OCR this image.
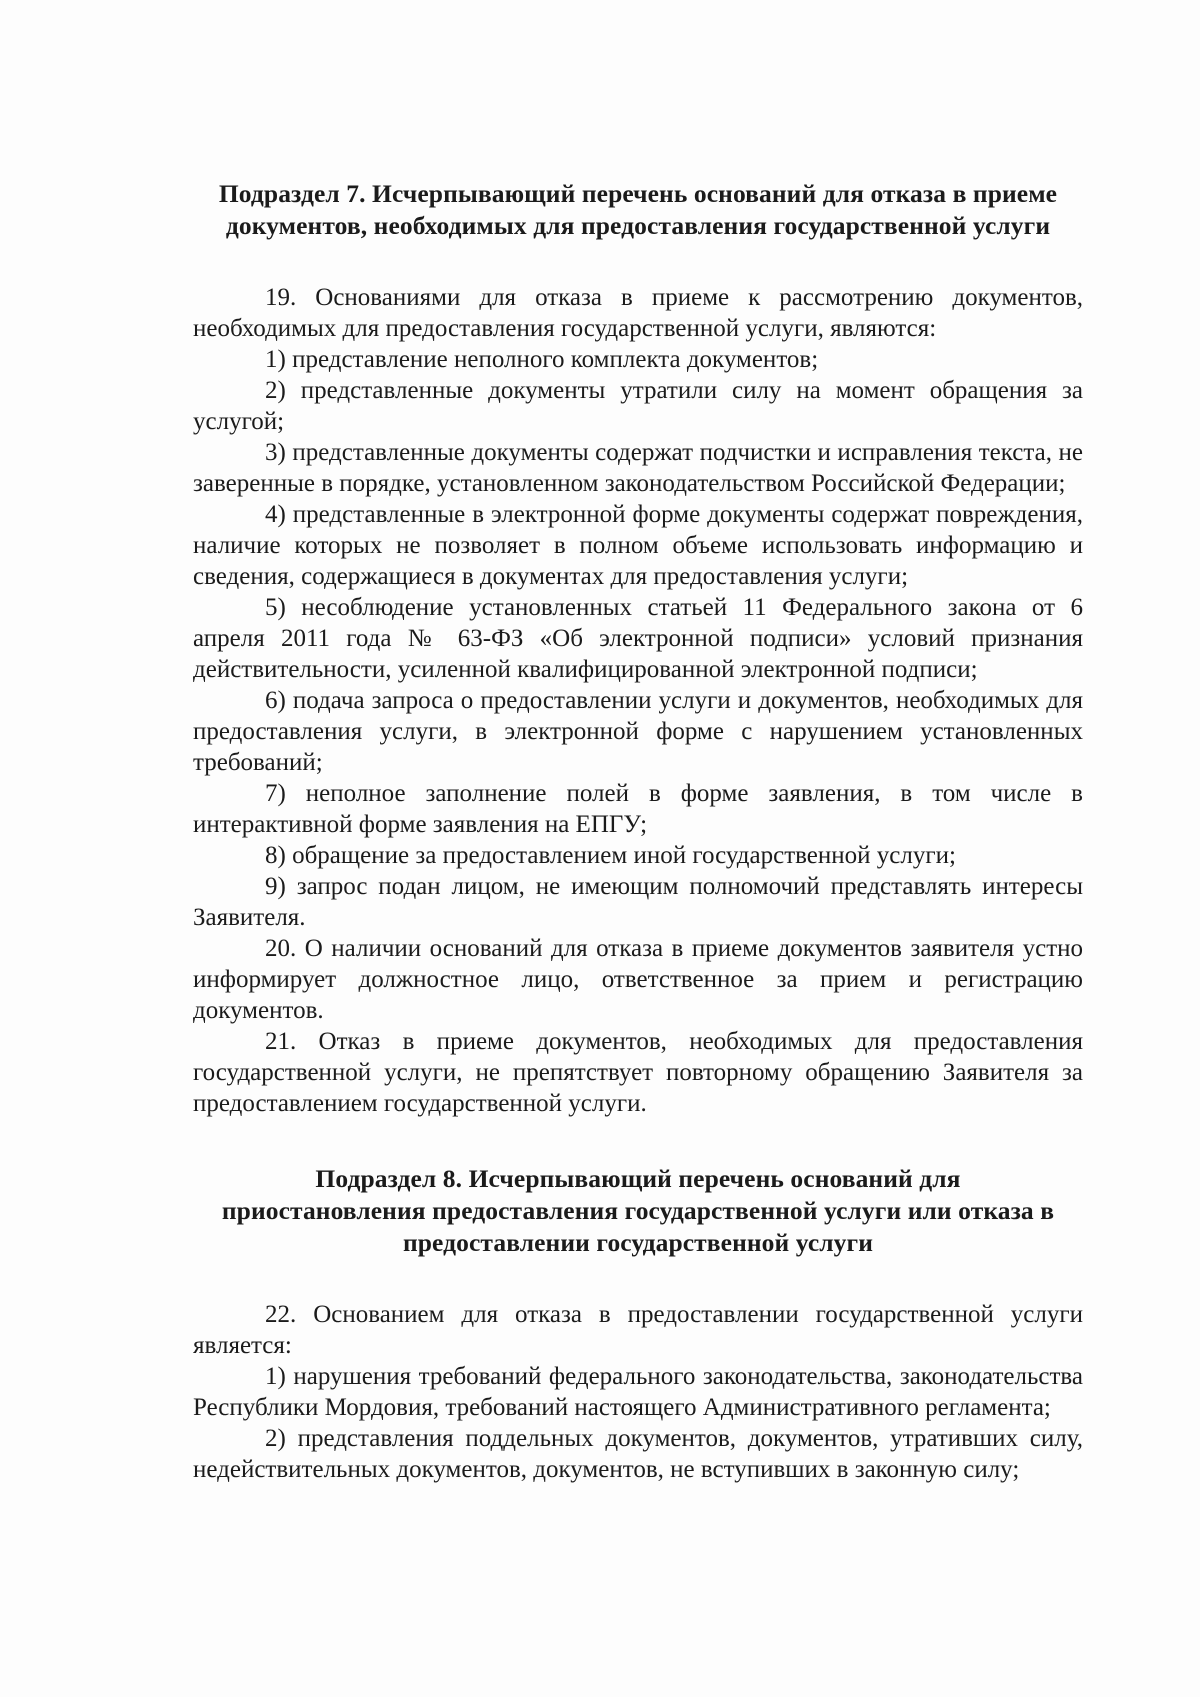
Подраздел 7. Исчерпывающий перечень оснований для отказа в приеме
документов, необходимых для предоставления государственной услуги

19. Основаниями для отказа в приеме к рассмотрению документов, необходимых для предоставления государственной услуги, являются:

1) представление неполного комплекта документов;

2) представленные документы утратили силу на момент обращения за услугой;

3) представленные документы содержат подчистки и исправления текста, не заверенные в порядке, установленном законодательством Российской Федерации;

4) представленные в электронной форме документы содержат повреждения, наличие которых не позволяет в полном объеме использовать информацию и сведения, содержащиеся в документах для предоставления услуги;

5) несоблюдение установленных статьей 11 Федерального закона от 6 апреля 2011 года № 63-ФЗ «Об электронной подписи» условий признания действительности, усиленной квалифицированной электронной подписи;

6) подача запроса о предоставлении услуги и документов, необходимых для предоставления услуги, в электронной форме с нарушением установленных требований;

7) неполное заполнение полей в форме заявления, в том числе в интерактивной форме заявления на ЕПГУ;

8) обращение за предоставлением иной государственной услуги;

9) запрос подан лицом, не имеющим полномочий представлять интересы Заявителя.

20. О наличии оснований для отказа в приеме документов заявителя устно информирует должностное лицо, ответственное за прием и регистрацию документов.

21. Отказ в приеме документов, необходимых для предоставления государственной услуги, не препятствует повторному обращению Заявителя за предоставлением государственной услуги.

Подраздел 8. Исчерпывающий перечень оснований для
приостановления предоставления государственной услуги или отказа в
предоставлении государственной услуги

22. Основанием для отказа в предоставлении государственной услуги является:

1) нарушения требований федерального законодательства, законодательства Республики Мордовия, требований настоящего Административного регламента;

2) представления поддельных документов, документов, утративших силу, недействительных документов, документов, не вступивших в законную силу;
